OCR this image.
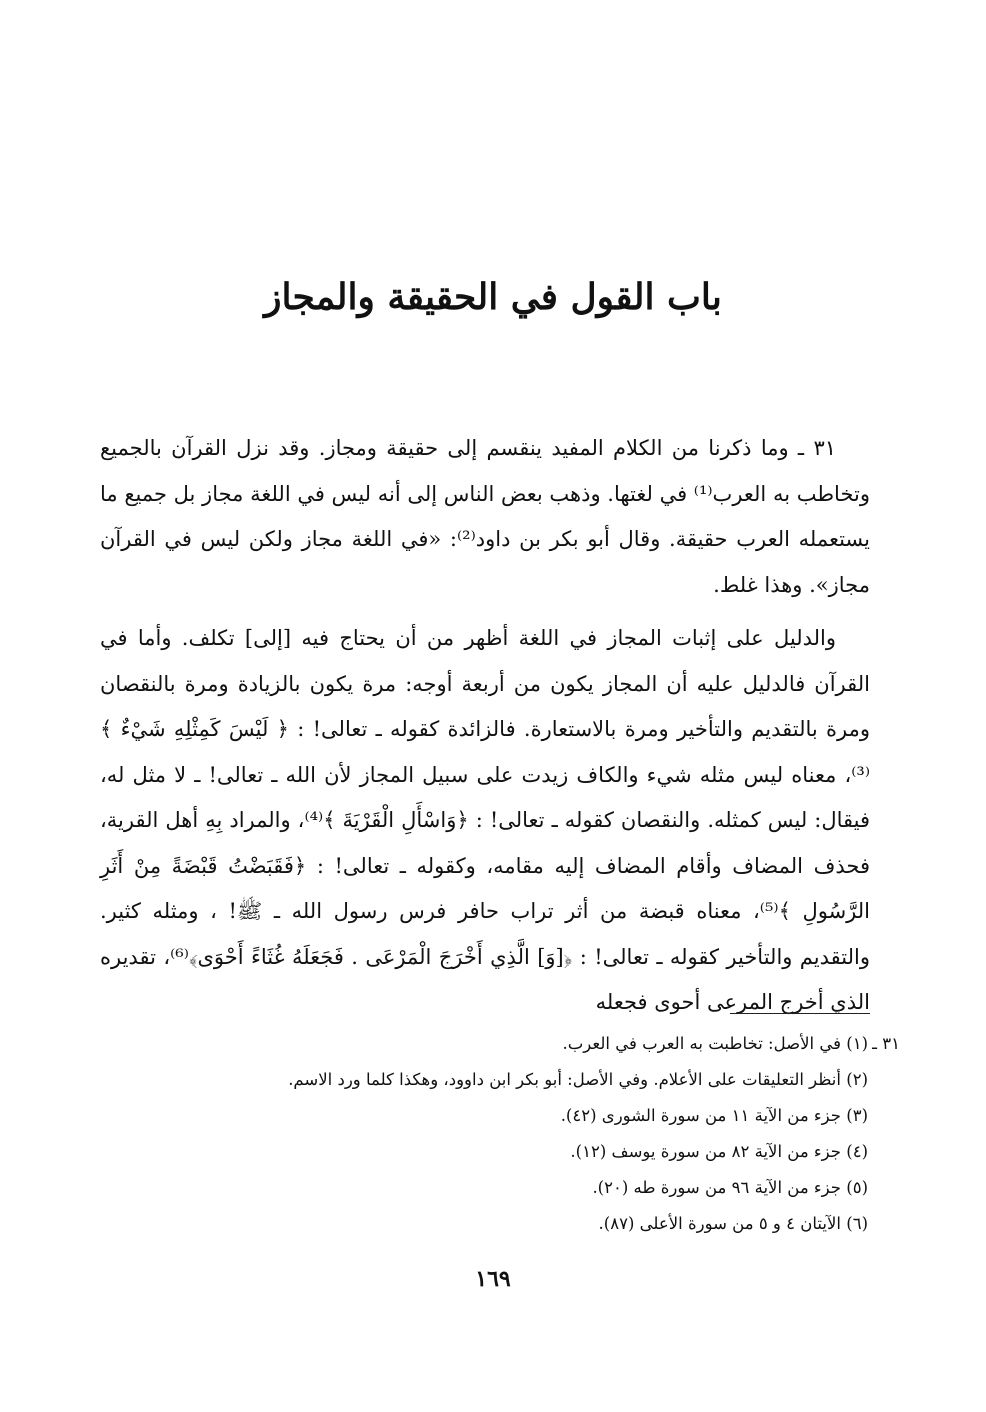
باب القول في الحقيقة والمجاز

٣١ ـ وما ذكرنا من الكلام المفيد ينقسم إلى حقيقة ومجاز. وقد نزل القرآن بالجميع وتخاطب به العرب⁽¹⁾ في لغتها. وذهب بعض الناس إلى أنه ليس في اللغة مجاز بل جميع ما يستعمله العرب حقيقة. وقال أبو بكر بن داود⁽²⁾: «في اللغة مجاز ولكن ليس في القرآن مجاز». وهذا غلط.

والدليل على إثبات المجاز في اللغة أظهر من أن يحتاج فيه [إلى] تكلف. وأما في القرآن فالدليل عليه أن المجاز يكون من أربعة أوجه: مرة يكون بالزيادة ومرة بالنقصان ومرة بالتقديم والتأخير ومرة بالاستعارة. فالزائدة كقوله ـ تعالى! : ﴿ لَيْسَ كَمِثْلِهِ شَيْءٌ ﴾⁽³⁾، معناه ليس مثله شيء والكاف زيدت على سبيل المجاز لأن الله ـ تعالى! ـ لا مثل له، فيقال: ليس كمثله. والنقصان كقوله ـ تعالى! : ﴿وَاسْأَلِ الْقَرْيَةَ ﴾⁽⁴⁾، والمراد بِهِ أهل القرية، فحذف المضاف وأقام المضاف إليه مقامه، وكقوله ـ تعالى! : ﴿فَقَبَضْتُ قَبْضَةً مِنْ أَثَرِ الرَّسُولِ ﴾⁽⁵⁾، معناه قبضة من أثر تراب حافر فرس رسول الله ـ ﷺ! ، ومثله كثير. والتقديم والتأخير كقوله ـ تعالى! : ﴿[وَ] الَّذِي أَخْرَجَ الْمَرْعَى . فَجَعَلَهُ غُثَاءً أَحْوَى﴾⁽⁶⁾، تقديره الذي أخرج المرعى أحوى فجعله

٣١ ـ
(١)

في الأصل: تخاطبت به العرب في العرب.
(٢)

أنظر التعليقات على الأعلام. وفي الأصل: أبو بكر ابن داوود، وهكذا كلما ورد الاسم.
(٣)

جزء من الآية ١١ من سورة الشورى (٤٢).
(٤)

جزء من الآية ٨٢ من سورة يوسف (١٢).
(٥)

جزء من الآية ٩٦ من سورة طه (٢٠).
(٦)

الآيتان ٤ و ٥ من سورة الأعلى (٨٧).
١٦٩
